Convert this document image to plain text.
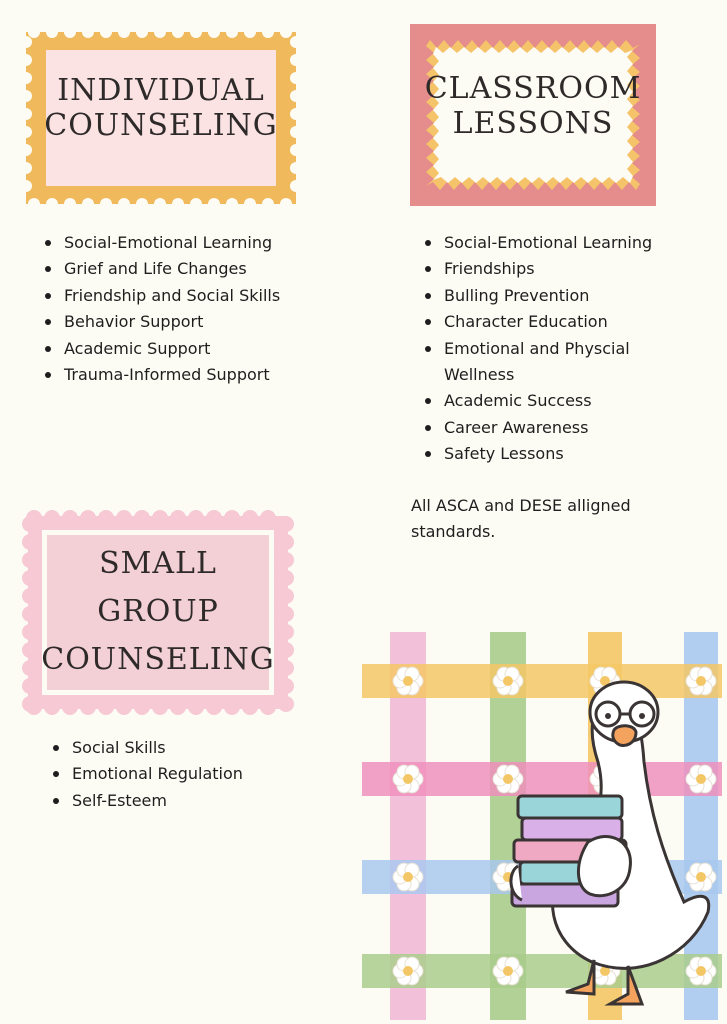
INDIVIDUAL
COUNSELING
CLASSROOM
LESSONS
Social-Emotional Learning
Grief and Life Changes
Friendship and Social Skills
Behavior Support
Academic Support
Trauma-Informed Support
Social-Emotional Learning
Friendships
Bulling Prevention
Character Education
Emotional and Physcial
Wellness
Academic Success
Career Awareness
Safety Lessons
All ASCA and DESE alligned
standards.
SMALL
GROUP
COUNSELING
Social Skills
Emotional Regulation
Self-Esteem
